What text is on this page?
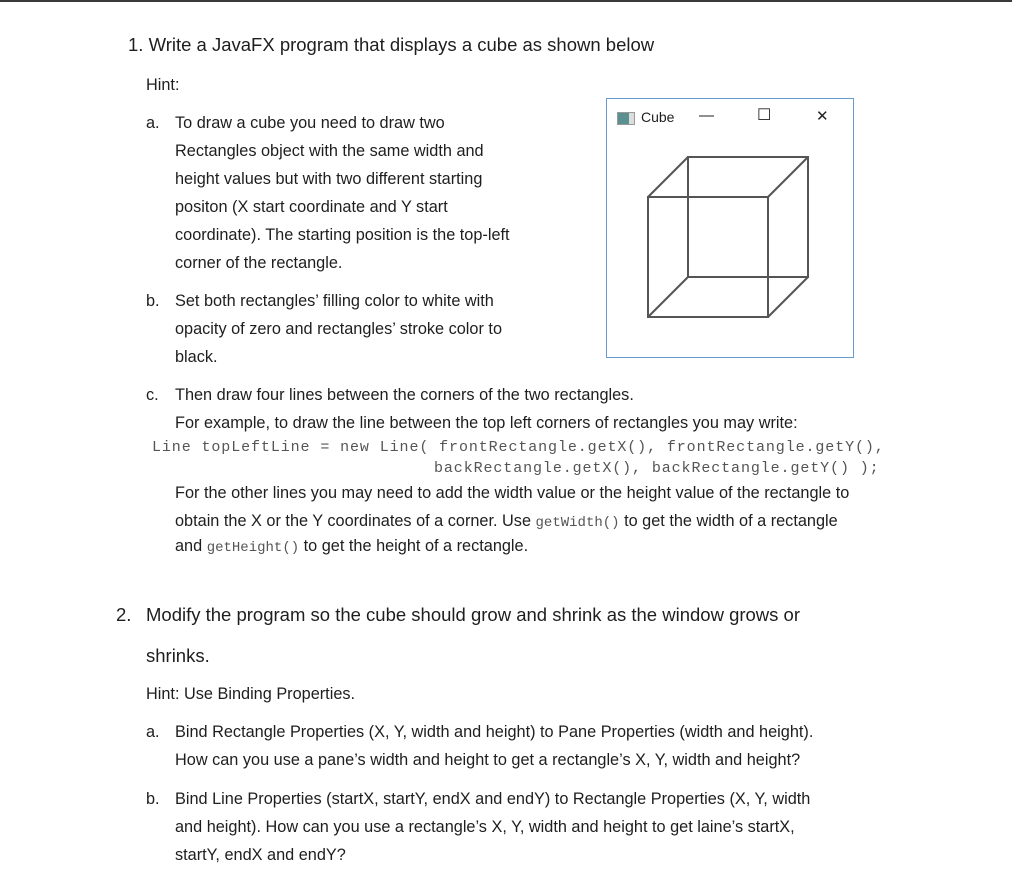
1. Write a JavaFX program that displays a cube as shown below
Hint:
a. To draw a cube you need to draw two
Rectangles object with the same width and
height values but with two different starting
positon (X start coordinate and Y start
coordinate). The starting position is the top-left
corner of the rectangle.
b. Set both rectangles’ filling color to white with
opacity of zero and rectangles’ stroke color to
black.
c. Then draw four lines between the corners of the two rectangles.
For example, to draw the line between the top left corners of rectangles you may write:
Line topLeftLine = new Line( frontRectangle.getX(), frontRectangle.getY(),
backRectangle.getX(), backRectangle.getY() );
For the other lines you may need to add the width value or the height value of the rectangle to
obtain the X or the Y coordinates of a corner. Use getWidth() to get the width of a rectangle
and getHeight() to get the height of a rectangle.
Cube —	☐	✕
2. Modify the program so the cube should grow and shrink as the window grows or
shrinks.
Hint: Use Binding Properties.
a. Bind Rectangle Properties (X, Y, width and height) to Pane Properties (width and height).
How can you use a pane’s width and height to get a rectangle’s X, Y, width and height?
b. Bind Line Properties (startX, startY, endX and endY) to Rectangle Properties (X, Y, width
and height). How can you use a rectangle’s X, Y, width and height to get laine’s startX,
startY, endX and endY?
